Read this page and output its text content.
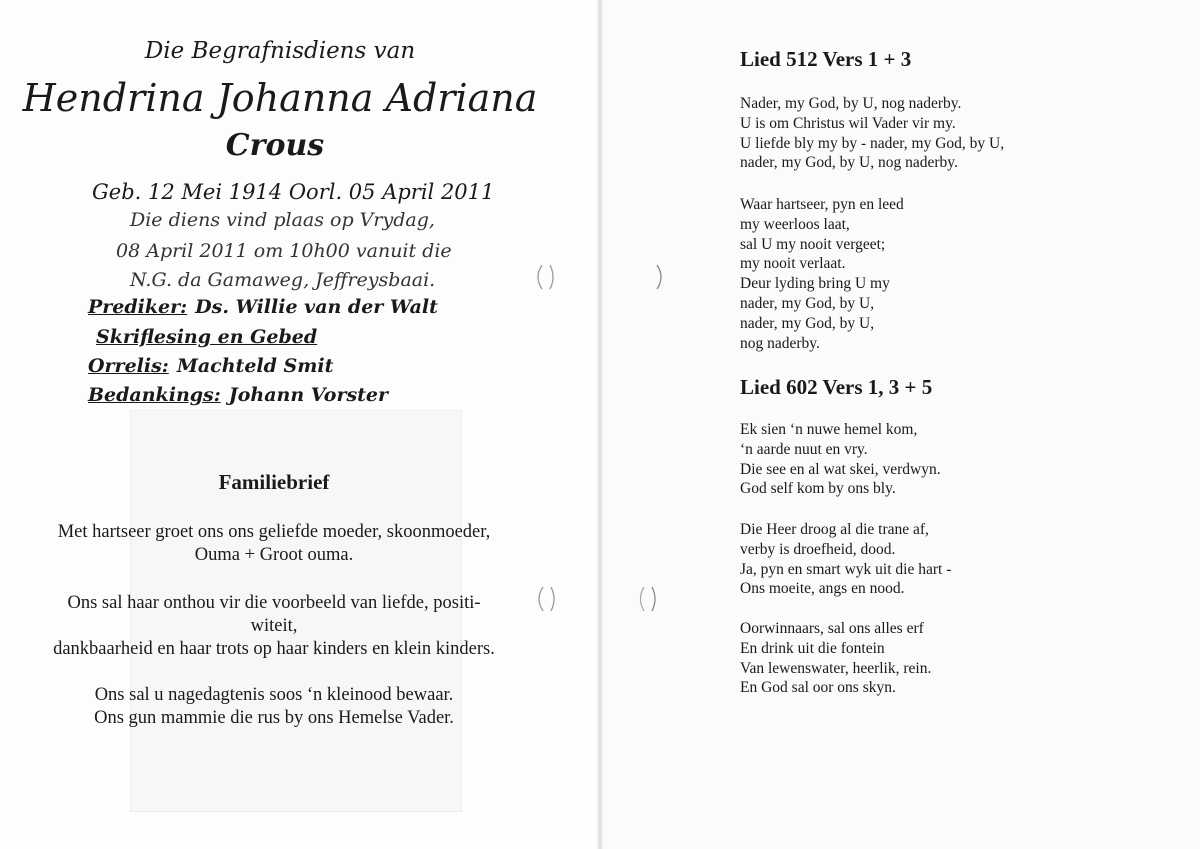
Die Begrafnisdiens van
Hendrina Johanna Adriana
Crous
Geb. 12 Mei 1914 Oorl. 05 April 2011
Die diens vind plaas op Vrydag,
08 April 2011 om 10h00 vanuit die
N.G. da Gamaweg, Jeffreysbaai.
Prediker: Ds. Willie van der Walt
Skriflesing en Gebed
Orrelis: Machteld Smit
Bedankings: Johann Vorster
Familiebrief
Met hartseer groet ons ons geliefde moeder, skoonmoeder,
Ouma + Groot ouma.
Ons sal haar onthou vir die voorbeeld van liefde, positi-
witeit,
dankbaarheid en haar trots op haar kinders en klein kinders.
Ons sal u nagedagtenis soos ‘n kleinood bewaar.
Ons gun mammie die rus by ons Hemelse Vader.
Lied 512 Vers 1 + 3
Nader, my God, by U, nog naderby.
U is om Christus wil Vader vir my.
U liefde bly my by - nader, my God, by U,
nader, my God, by U, nog naderby.
Waar hartseer, pyn en leed
my weerloos laat,
sal U my nooit vergeet;
my nooit verlaat.
Deur lyding bring U my
nader, my God, by U,
nader, my God, by U,
nog naderby.
Lied 602 Vers 1, 3 + 5
Ek sien ‘n nuwe hemel kom,
‘n aarde nuut en vry.
Die see en al wat skei, verdwyn.
God self kom by ons bly.
Die Heer droog al die trane af,
verby is droefheid, dood.
Ja, pyn en smart wyk uit die hart -
Ons moeite, angs en nood.
Oorwinnaars, sal ons alles erf
En drink uit die fontein
Van lewenswater, heerlik, rein.
En God sal oor ons skyn.
